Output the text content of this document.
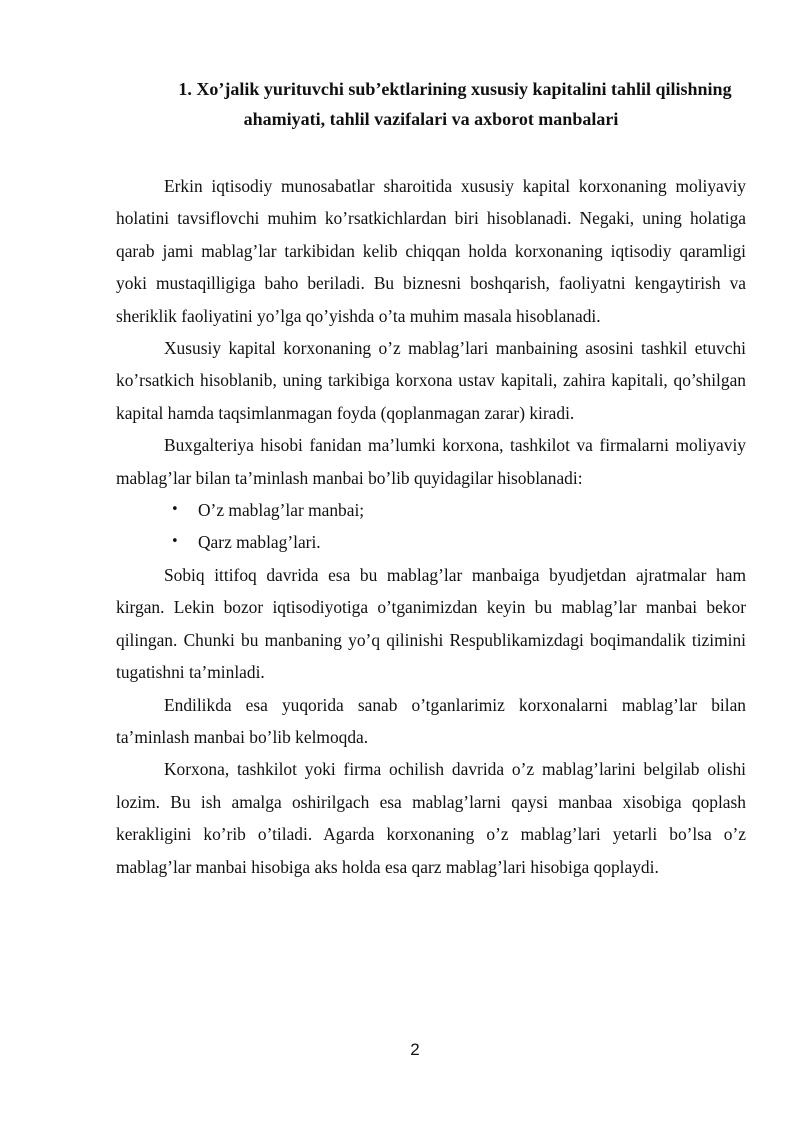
1. Xo’jalik yurituvchi sub’ektlarining xususiy kapitalini tahlil qilishning ahamiyati, tahlil vazifalari va axborot manbalari

Erkin iqtisodiy munosabatlar sharoitida xususiy kapital korxonaning moliyaviy holatini tavsiflovchi muhim ko’rsatkichlardan biri hisoblanadi. Negaki, uning holatiga qarab jami mablag’lar tarkibidan kelib chiqqan holda korxonaning iqtisodiy qaramligi yoki mustaqilligiga baho beriladi. Bu biznesni boshqarish, faoliyatni kengaytirish va sheriklik faoliyatini yo’lga qo’yishda o’ta muhim masala hisoblanadi.

Xususiy kapital korxonaning o’z mablag’lari manbaining asosini tashkil etuvchi ko’rsatkich hisoblanib, uning tarkibiga korxona ustav kapitali, zahira kapitali, qo’shilgan kapital hamda taqsimlanmagan foyda (qoplanmagan zarar) kiradi.

Buxgalteriya hisobi fanidan ma’lumki korxona, tashkilot va firmalarni moliyaviy mablag’lar bilan ta’minlash manbai bo’lib quyidagilar hisoblanadi:

• O’z mablag’lar manbai;
• Qarz mablag’lari.

Sobiq ittifoq davrida esa bu mablag’lar manbaiga byudjetdan ajratmalar ham kirgan. Lekin bozor iqtisodiyotiga o’tganimizdan keyin bu mablag’lar manbai bekor qilingan. Chunki bu manbaning yo’q qilinishi Respublikamizdagi boqimandalik tizimini tugatishni ta’minladi.

Endilikda esa yuqorida sanab o’tganlarimiz korxonalarni mablag’lar bilan ta’minlash manbai bo’lib kelmoqda.

Korxona, tashkilot yoki firma ochilish davrida o’z mablag’larini belgilab olishi lozim. Bu ish amalga oshirilgach esa mablag’larni qaysi manbaa xisobiga qoplash kerakligini ko’rib o’tiladi. Agarda korxonaning o’z mablag’lari yetarli bo’lsa o’z mablag’lar manbai hisobiga aks holda esa qarz mablag’lari hisobiga qoplaydi.

2
